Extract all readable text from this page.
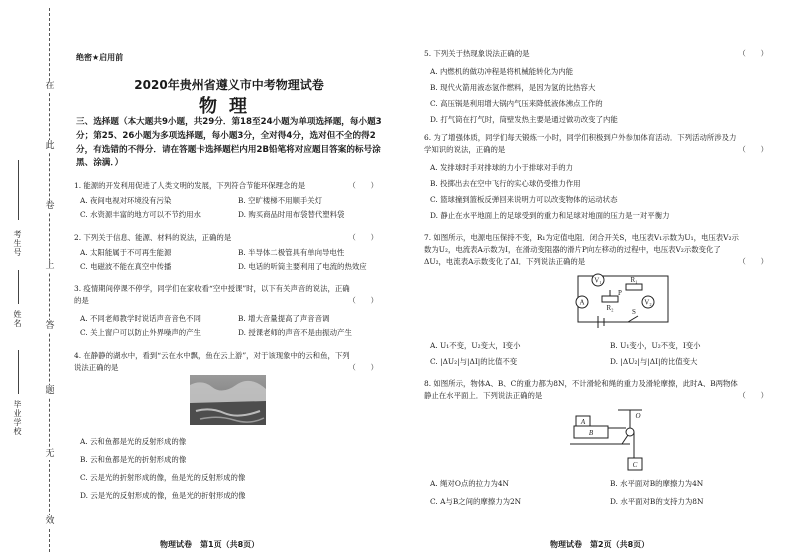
在
此
卷
上
答
题
无
效
考生号
姓名
毕业学校
绝密★启用前
2020年贵州省遵义市中考物理试卷
物理
三、选择题（本大题共9小题，共29分．第18至24小题为单项选择题，每小题3分；第25、26小题为多项选择题，每小题3分，全对得4分，选对但不全的得2分，有选错的不得分．请在答题卡选择题栏内用2B铅笔将对应题目答案的标号涂黑、涂满．）
1. 能源的开发利用促进了人类文明的发展，下列符合节能环保理念的是	（　　）
A. 夜间电视对环境没有污染	B. 空旷楼梯不用顺手关灯
C. 水资源丰富的地方可以不节约用水	D. 购买商品时用布袋替代塑料袋
2. 下列关于信息、能源、材料的说法，正确的是	（　　）
A. 太阳能属于不可再生能源	B. 半导体二极管具有单向导电性
C. 电磁波不能在真空中传播	D. 电话的听筒主要利用了电流的热效应
3. 疫情期间停课不停学，同学们在家收看“空中授课”时，以下有关声音的说法，正确的是	（　　）
A. 不同老师教学时说话声音音色不同	B. 增大音量提高了声音音调
C. 关上窗户可以防止外界噪声的产生	D. 授课老师的声音不是由振动产生
4. 在静静的湖水中，看到“云在水中飘，鱼在云上游”，对于该现象中的云和鱼，下列说法正确的是	（　　）
A. 云和鱼都是光的反射形成的像
B. 云和鱼都是光的折射形成的像
C. 云是光的折射形成的像，鱼是光的反射形成的像
D. 云是光的反射形成的像，鱼是光的折射形成的像
物理试卷　第1页（共8页）
5. 下列关于热现象说法正确的是	（　　）
A. 内燃机的做功冲程是将机械能转化为内能
B. 现代火箭用液态氢作燃料，是因为氢的比热容大
C. 高压锅是利用增大锅内气压来降低液体沸点工作的
D. 打气筒在打气时，筒壁发热主要是通过做功改变了内能
6. 为了增强体质，同学们每天锻炼一小时，同学们积极到户外参加体育活动．下列活动所涉及力学知识的说法，正确的是	（　　）
A. 发排球时手对排球的力小于排球对手的力
B. 投掷出去在空中飞行的实心球仍受推力作用
C. 篮球撞到篮板反弹回来说明力可以改变物体的运动状态
D. 静止在水平地面上的足球受到的重力和足球对地面的压力是一对平衡力
7. 如图所示，电源电压保持不变，R₁为定值电阻．闭合开关S，电压表V₁示数为U₁，电压表V₂示数为U₂，电流表A示数为I，在滑动变阻器的滑片P向左移动的过程中，电压表V₂示数变化了ΔU₂，电流表A示数变化了ΔI．下列说法正确的是	（　　）
V₁	R₁
R₂
V₂
A
P
S
A. U₁不变，U₂变大，I变小	B. U₁变小，U₂不变，I变小
C. |ΔU₂|与|ΔI|的比值不变	D. |ΔU₂|与|ΔI|的比值变大
8. 如图所示，物体A、B、C的重力都为8N，不计滑轮和绳的重力及滑轮摩擦，此时A、B两物体静止在水平面上．下列说法正确的是	（　　）
A
B
O
C
A. 绳对O点的拉力为4N	B. 水平面对B的摩擦力为4N
C. A与B之间的摩擦力为2N	D. 水平面对B的支持力为8N
物理试卷　第2页（共8页）
